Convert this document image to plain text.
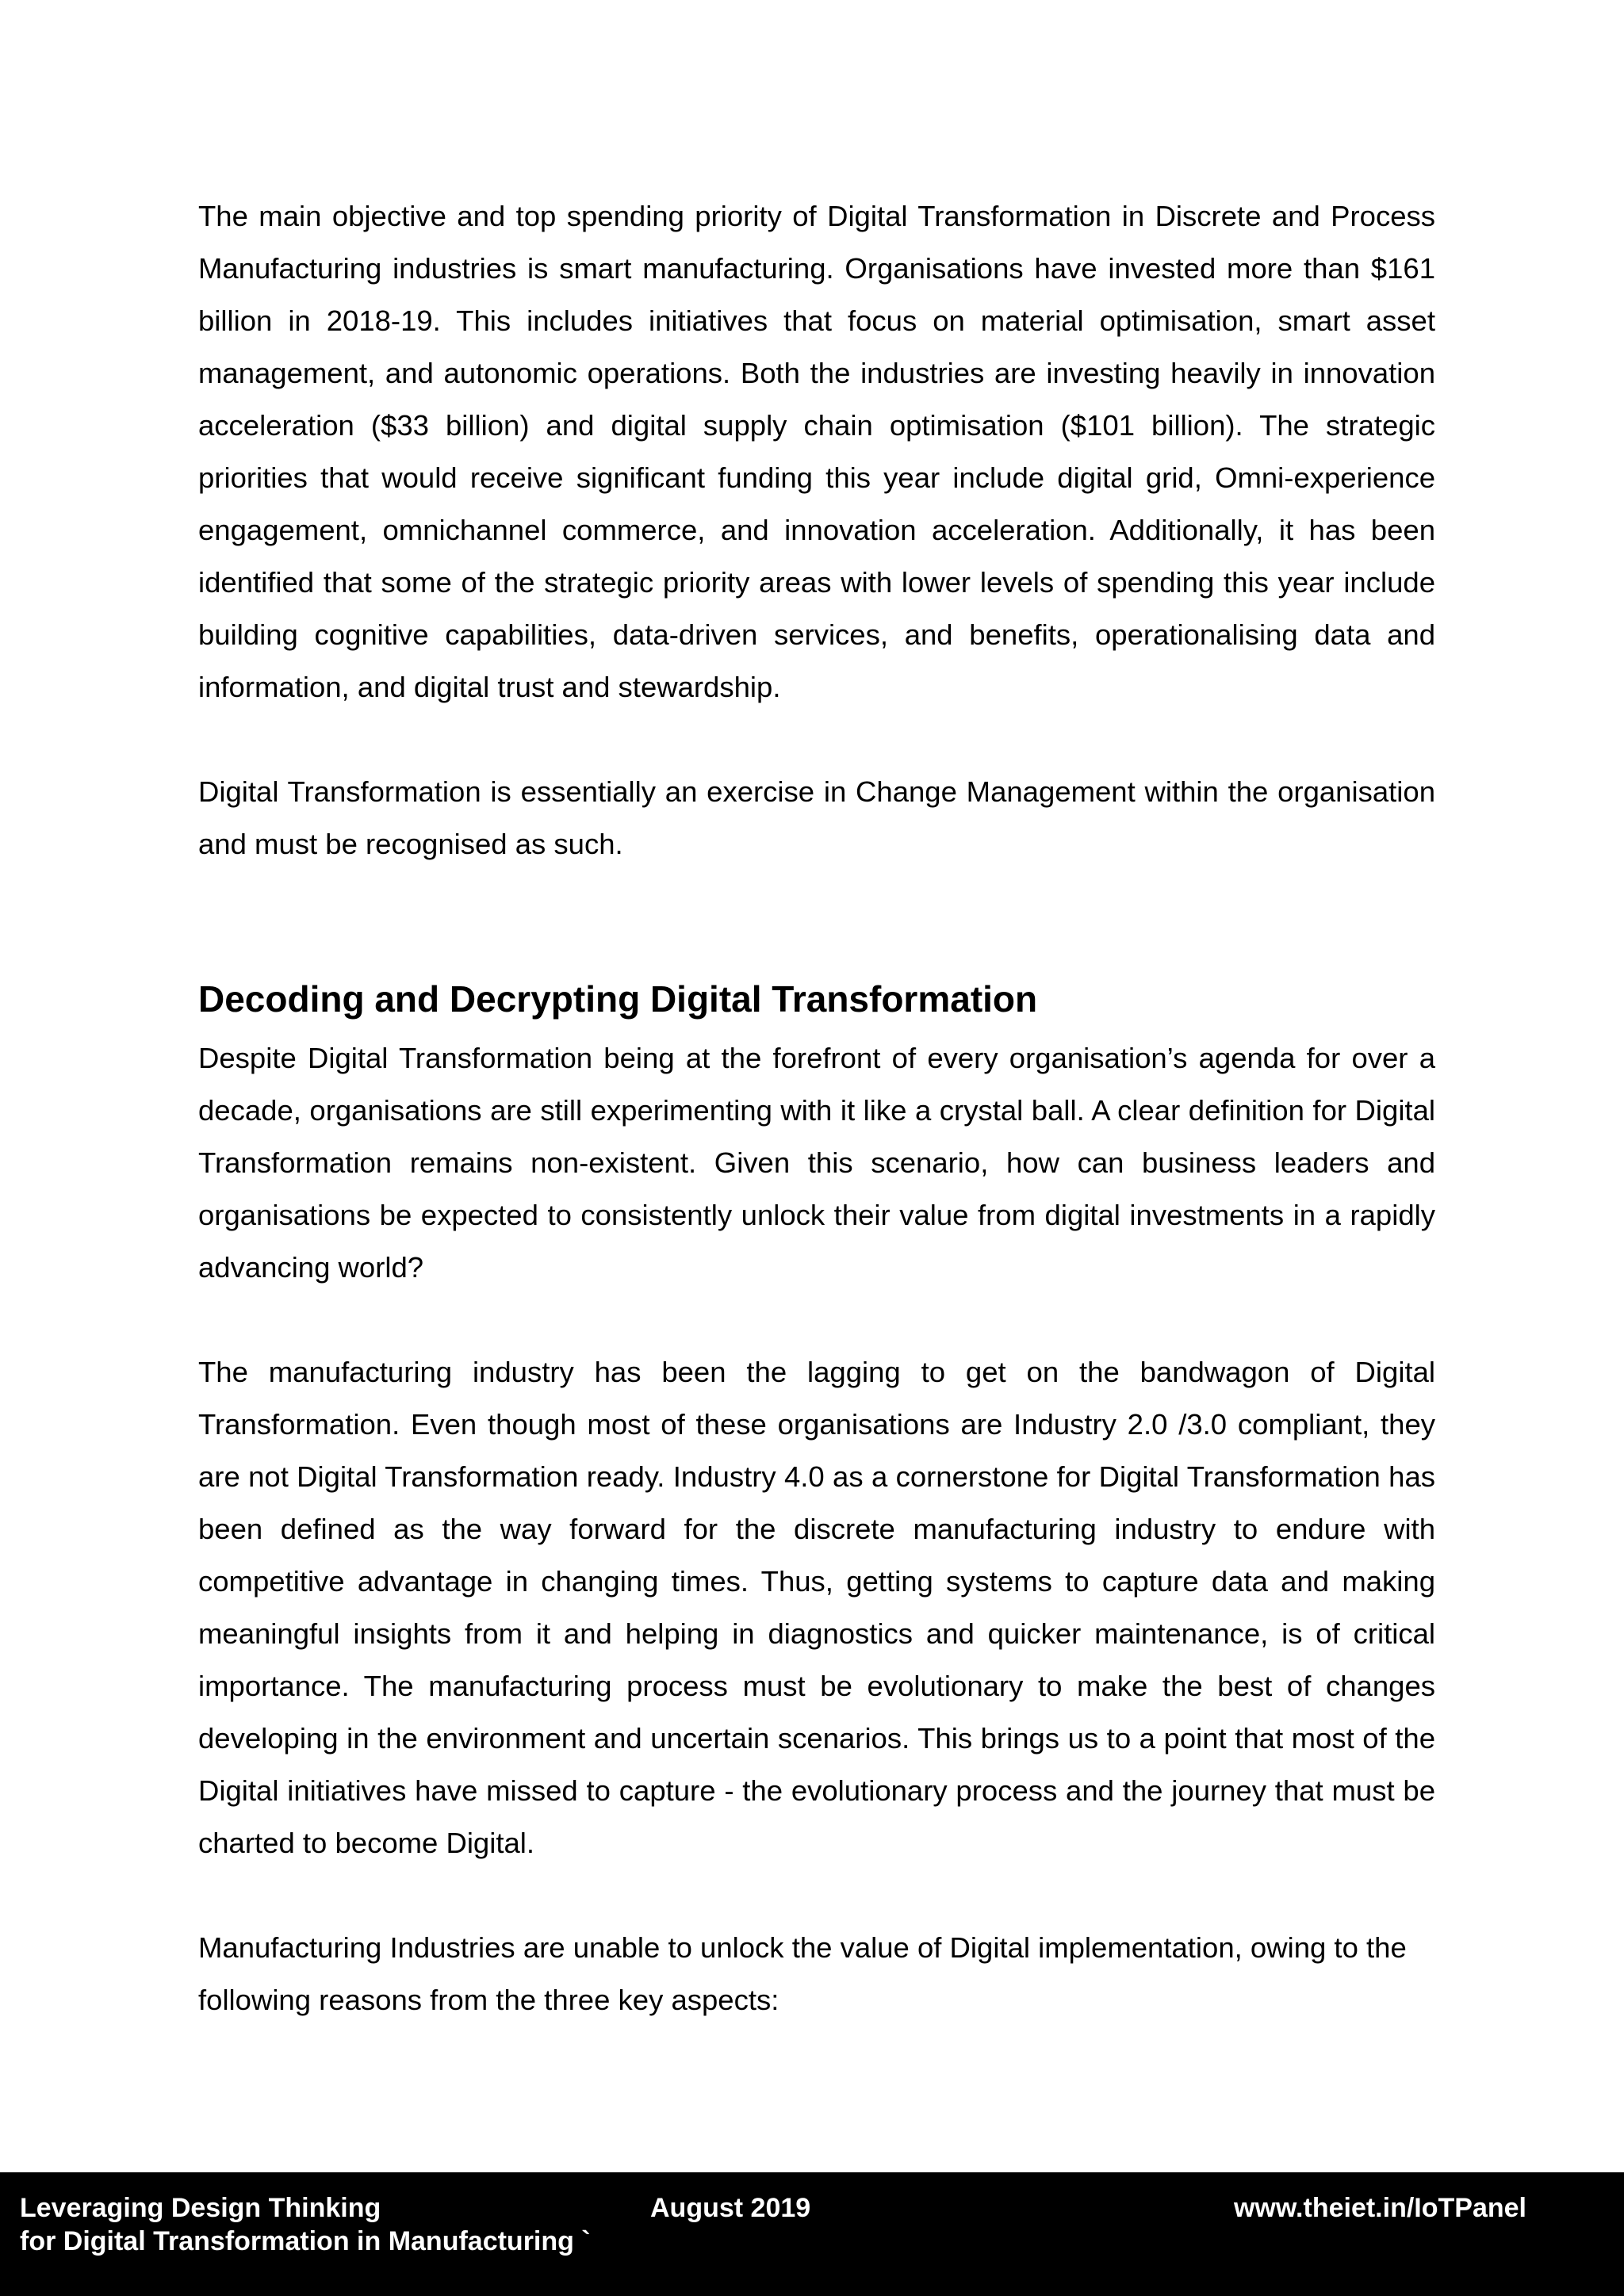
The main objective and top spending priority of Digital Transformation in Discrete and Process Manufacturing industries is smart manufacturing. Organisations have invested more than $161 billion in 2018-19. This includes initiatives that focus on material optimisation, smart asset management, and autonomic operations. Both the industries are investing heavily in innovation acceleration ($33 billion) and digital supply chain optimisation ($101 billion). The strategic priorities that would receive significant funding this year include digital grid, Omni-experience engagement, omnichannel commerce, and innovation acceleration. Additionally, it has been identified that some of the strategic priority areas with lower levels of spending this year include building cognitive capabilities, data-driven services, and benefits, operationalising data and information, and digital trust and stewardship.

Digital Transformation is essentially an exercise in Change Management within the organisation and must be recognised as such.

Decoding and Decrypting Digital Transformation

Despite Digital Transformation being at the forefront of every organisation’s agenda for over a decade, organisations are still experimenting with it like a crystal ball. A clear definition for Digital Transformation remains non-existent. Given this scenario, how can business leaders and organisations be expected to consistently unlock their value from digital investments in a rapidly advancing world?

The manufacturing industry has been the lagging to get on the bandwagon of Digital Transformation. Even though most of these organisations are Industry 2.0 /3.0 compliant, they are not Digital Transformation ready. Industry 4.0 as a cornerstone for Digital Transformation has been defined as the way forward for the discrete manufacturing industry to endure with competitive advantage in changing times. Thus, getting systems to capture data and making meaningful insights from it and helping in diagnostics and quicker maintenance, is of critical importance. The manufacturing process must be evolutionary to make the best of changes developing in the environment and uncertain scenarios. This brings us to a point that most of the Digital initiatives have missed to capture - the evolutionary process and the journey that must be charted to become Digital.

Manufacturing Industries are unable to unlock the value of Digital implementation, owing to the following reasons from the three key aspects:

Leveraging Design Thinking
for Digital Transformation in Manufacturing `
August 2019	www.theiet.in/IoTPanel
